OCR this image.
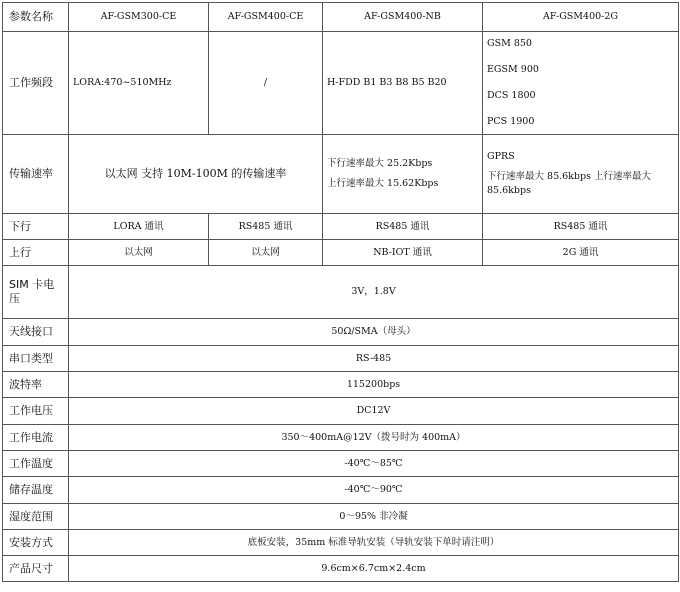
参数名称	AF-GSM300-CE	AF-GSM400-CE	AF-GSM400-NB	AF-GSM400-2G
工作频段	LORA:470~510MHz	/	H-FDD B1 B3 B8 B5 B20	GSM 850
EGSM 900
DCS 1800
PCS 1900

传输速率	以太网 支持 10M-100M 的传输速率		下行速率最大 25.2Kbps
上行速率最大 15.62Kbps	GPRS
下行速率最大 85.6kbps 上行速率最大 85.6kbps

下行	LORA 通讯	RS485 通讯	RS485 通讯	RS485 通讯
上行	以太网	以太网	NB-IOT 通讯	2G 通讯
SIM 卡电压	3V，1.8V			
天线接口	50Ω/SMA（母头）			
串口类型	RS-485			
波特率	115200bps			
工作电压	DC12V			
工作电流	350～400mA@12V（拨号时为 400mA）			
工作温度	-40℃～85℃			
储存温度	-40℃～90℃			
湿度范围	0～95% 非冷凝			
安装方式	底板安装，35mm 标准导轨安装（导轨安装下单时请注明）			
产品尺寸	9.6cm×6.7cm×2.4cm			
